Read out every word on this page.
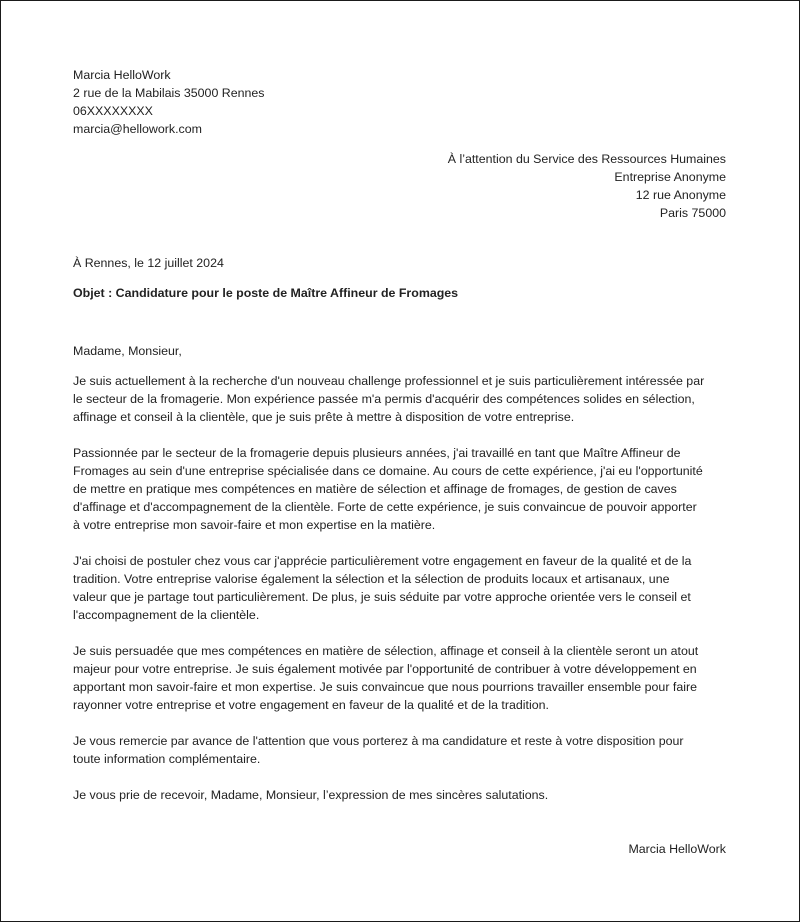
Marcia HelloWork
2 rue de la Mabilais 35000 Rennes
06XXXXXXXX
marcia@hellowork.com
À l’attention du Service des Ressources Humaines
Entreprise Anonyme
12 rue Anonyme
Paris 75000
À Rennes, le 12 juillet 2024
Objet : Candidature pour le poste de Maître Affineur de Fromages
Madame, Monsieur,
Je suis actuellement à la recherche d'un nouveau challenge professionnel et je suis particulièrement intéressée par
le secteur de la fromagerie. Mon expérience passée m'a permis d'acquérir des compétences solides en sélection,
affinage et conseil à la clientèle, que je suis prête à mettre à disposition de votre entreprise.
Passionnée par le secteur de la fromagerie depuis plusieurs années, j'ai travaillé en tant que Maître Affineur de
Fromages au sein d'une entreprise spécialisée dans ce domaine. Au cours de cette expérience, j'ai eu l'opportunité
de mettre en pratique mes compétences en matière de sélection et affinage de fromages, de gestion de caves
d'affinage et d'accompagnement de la clientèle. Forte de cette expérience, je suis convaincue de pouvoir apporter
à votre entreprise mon savoir-faire et mon expertise en la matière.
J'ai choisi de postuler chez vous car j'apprécie particulièrement votre engagement en faveur de la qualité et de la
tradition. Votre entreprise valorise également la sélection et la sélection de produits locaux et artisanaux, une
valeur que je partage tout particulièrement. De plus, je suis séduite par votre approche orientée vers le conseil et
l'accompagnement de la clientèle.
Je suis persuadée que mes compétences en matière de sélection, affinage et conseil à la clientèle seront un atout
majeur pour votre entreprise. Je suis également motivée par l'opportunité de contribuer à votre développement en
apportant mon savoir-faire et mon expertise. Je suis convaincue que nous pourrions travailler ensemble pour faire
rayonner votre entreprise et votre engagement en faveur de la qualité et de la tradition.
Je vous remercie par avance de l'attention que vous porterez à ma candidature et reste à votre disposition pour
toute information complémentaire.
Je vous prie de recevoir, Madame, Monsieur, l’expression de mes sincères salutations.
Marcia HelloWork
